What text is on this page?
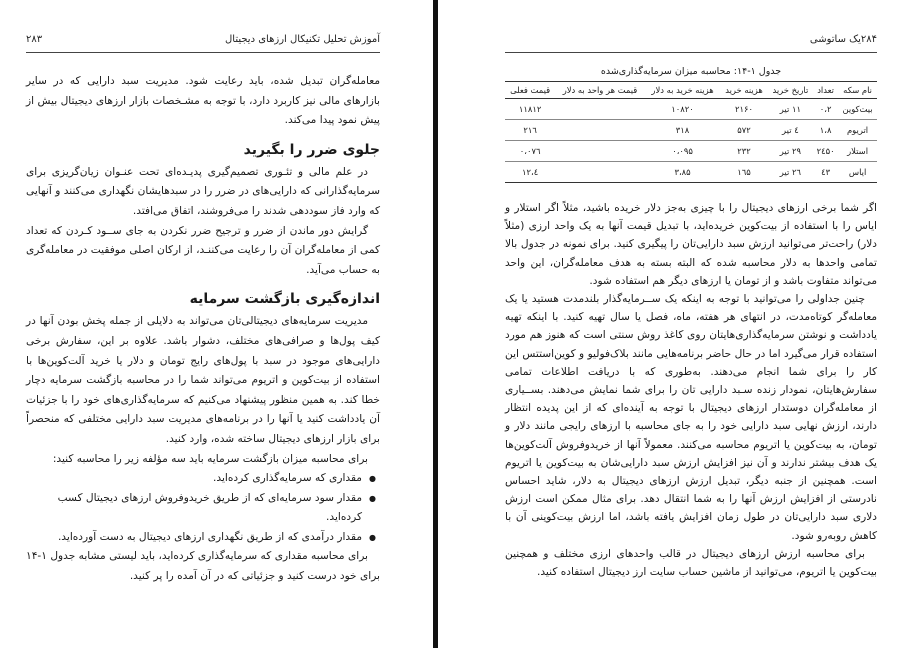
آموزش تحلیل تکنیکال ارزهای دیجیتال
۲۸۳

معامله‌گران تبدیل شده، باید رعایت شود. مدیریت سبد دارایی که در سایر بازارهای مالی نیز کاربرد دارد، با توجه به مشـخصات بازار ارزهای دیجیتال بیش از پیش نمود پیدا می‌کند.

جلوی ضرر را بگیرید

در علم مالی و تئـوری تصمیم‌گیری پدیـده‌ای تحت عنـوان زیان‌گریزی برای سرمایه‌گذارانی که دارایی‌های در ضرر را در سبدهایشان نگهداری می‌کنند و آنهایی که وارد فاز سوددهی شدند را می‌فروشند، اتفاق می‌افتد.

گرایش دور ماندن از ضرر و ترجیح ضرر نکردن به جای ســود کـردن که تعداد کمی از معامله‌گران آن را رعایت می‌کننـد، از ارکان اصلی موفقیت در معامله‌گری به حساب می‌آید.

اندازه‌گیری بازگشت سرمایه

مدیریت سرمایه‌های دیجیتالی‌تان می‌تواند به دلایلی از جمله پخش بودن آنها در کیف پول‌ها و صرافی‌های مختلف، دشوار باشد. علاوه بر این، سفارش برخی دارایی‌های موجود در سبد با پول‌های رایج تومان و دلار یا خرید آلت‌کوین‌ها با استفاده از بیت‌کوین و اتریوم می‌تواند شما را در محاسبه بازگشت سرمایه دچار خطا کند. به همین منظور پیشنهاد می‌کنیم که سرمایه‌گذاری‌های خود را با جزئیات آن یادداشت کنید یا آنها را در برنامه‌های مدیریت سبد دارایی مختلفی که منحصراً برای بازار ارزهای دیجیتال ساخته شده، وارد کنید.

برای محاسبه میزان بازگشت سرمایه باید سه مؤلفه زیر را محاسبه کنید:

● مقداری که سرمایه‌گذاری کرده‌اید.
● مقدار سود سرمایه‌ای که از طریق خریدوفروش ارزهای دیجیتال کسب کرده‌اید.
● مقدار درآمدی که از طریق نگهداری ارزهای دیجیتال به دست آورده‌اید.

برای محاسبه مقداری که سرمایه‌گذاری کرده‌اید، باید لیستی مشابه جدول ۱-۱۴ برای خود درست کنید و جزئیاتی که در آن آمده را پر کنید.

۲۸۴
یک ساتوشی
جدول ۱-۱۴: محاسبه میزان سرمایه‌گذاری‌شده
نام سکه	تعداد	تاریخ خرید	هزینه خرید	هزینه خرید به دلار	قیمت هر واحد به دلار	قیمت فعلی
بیت‌کوین	۰،۲	۱۱ تیر	۲۱۶۰	۱۰۸۲۰		۱۱۸۱۲
اتریوم	۱،۸	٤ تیر	۵۷۲	۳۱۸		۲۱٦
استلار	۲٤۵۰	۲۹ تیر	۲۳۲	۰،۰۹۵		۰،۰۷٦
ایاس	٤۳	۲٦ تیر	۱٦۵	۳،۸۵		٤،۱۲

اگر شما برخی ارزهای دیجیتال را با چیزی به‌جز دلار خریده باشید، مثلاً اگر استلار و ایاس را با استفاده از بیت‌کوین خریده‌اید، با تبدیل قیمت آنها به یک واحد ارزی (مثلاً دلار) راحت‌تر می‌توانید ارزش سبد دارایی‌تان را پیگیری کنید. برای نمونه در جدول بالا تمامی واحدها به دلار محاسبه شده که البته بسته به هدف معامله‌گران، این واحد می‌تواند متفاوت باشد و از تومان یا ارزهای دیگر هم استفاده شود.

چنین جداولی را می‌توانید با توجه به اینکه یک ســرمایه‌گذار بلندمدت هستید یا یک معامله‌گر کوتاه‌مدت، در انتهای هر هفته، ماه، فصل یا سال تهیه کنید. با اینکه تهیه یادداشت و نوشتن سرمایه‌گذاری‌هایتان روی کاغذ روش سنتی است که هنوز هم مورد استفاده قرار می‌گیرد اما در حال حاضر برنامه‌هایی مانند بلاک‌فولیو و کوین‌استتس این کار را برای شما انجام می‌دهند. به‌طوری که با دریافت اطلاعات تمامی سفارش‌هایتان، نمودار زنده سـبد دارایی تان را برای شما نمایش می‌دهند. بســیاری از معامله‌گران دوستدار ارزهای دیجیتال با توجه به آینده‌ای که از این پدیده انتظار دارند، ارزش نهایی سبد دارایی خود را به جای محاسبه با ارزهای رایجی مانند دلار و تومان، به بیت‌کوین یا اتریوم محاسبه می‌کنند. معمولاً آنها از خریدوفروش آلت‌کوین‌ها یک هدف بیشتر ندارند و آن نیز افزایش ارزش سبد دارایی‌شان به بیت‌کوین یا اتریوم است. همچنین از جنبه دیگر، تبدیل ارزش ارزهای دیجیتال به دلار، شاید احساس نادرستی از افزایش ارزش آنها را به شما انتقال دهد. برای مثال ممکن است ارزش دلاری سبد دارایی‌تان در طول زمان افزایش یافته باشد، اما ارزش بیت‌کوینی آن با کاهش روبه‌رو شود.

برای محاسبه ارزش ارزهای دیجیتال در قالب واحدهای ارزی مختلف و همچنین بیت‌کوین یا اتریوم، می‌توانید از ماشین حساب سایت ارز دیجیتال استفاده کنید.
